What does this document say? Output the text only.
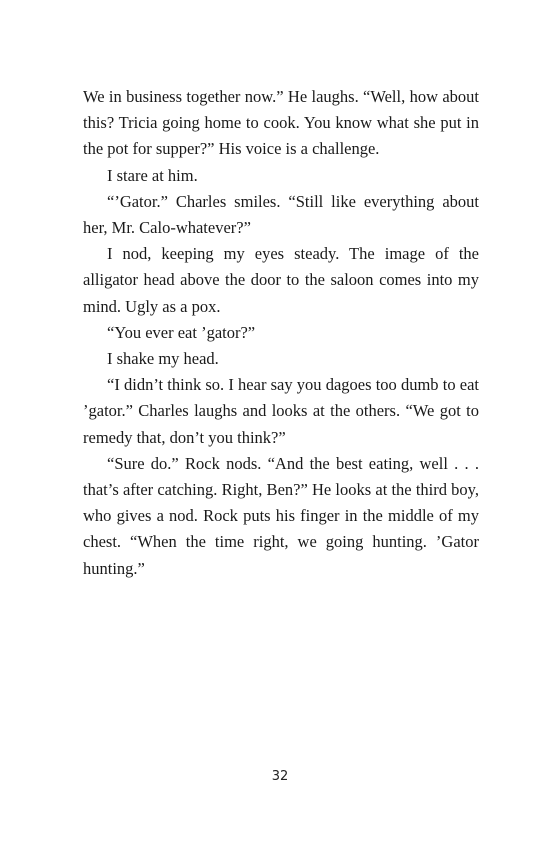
We in business together now.” He laughs. “Well, how about this? Tricia going home to cook. You know what she put in the pot for supper?” His voice is a challenge.

I stare at him.

“’Gator.” Charles smiles. “Still like everything about her, Mr. Calo-whatever?”

I nod, keeping my eyes steady. The image of the alligator head above the door to the saloon comes into my mind. Ugly as a pox.

“You ever eat ’gator?”

I shake my head.

“I didn’t think so. I hear say you dagoes too dumb to eat ’gator.” Charles laughs and looks at the others. “We got to remedy that, don’t you think?”

“Sure do.” Rock nods. “And the best eating, well . . . that’s after catching. Right, Ben?” He looks at the third boy, who gives a nod. Rock puts his finger in the middle of my chest. “When the time right, we going hunting. ’Gator hunting.”

32
